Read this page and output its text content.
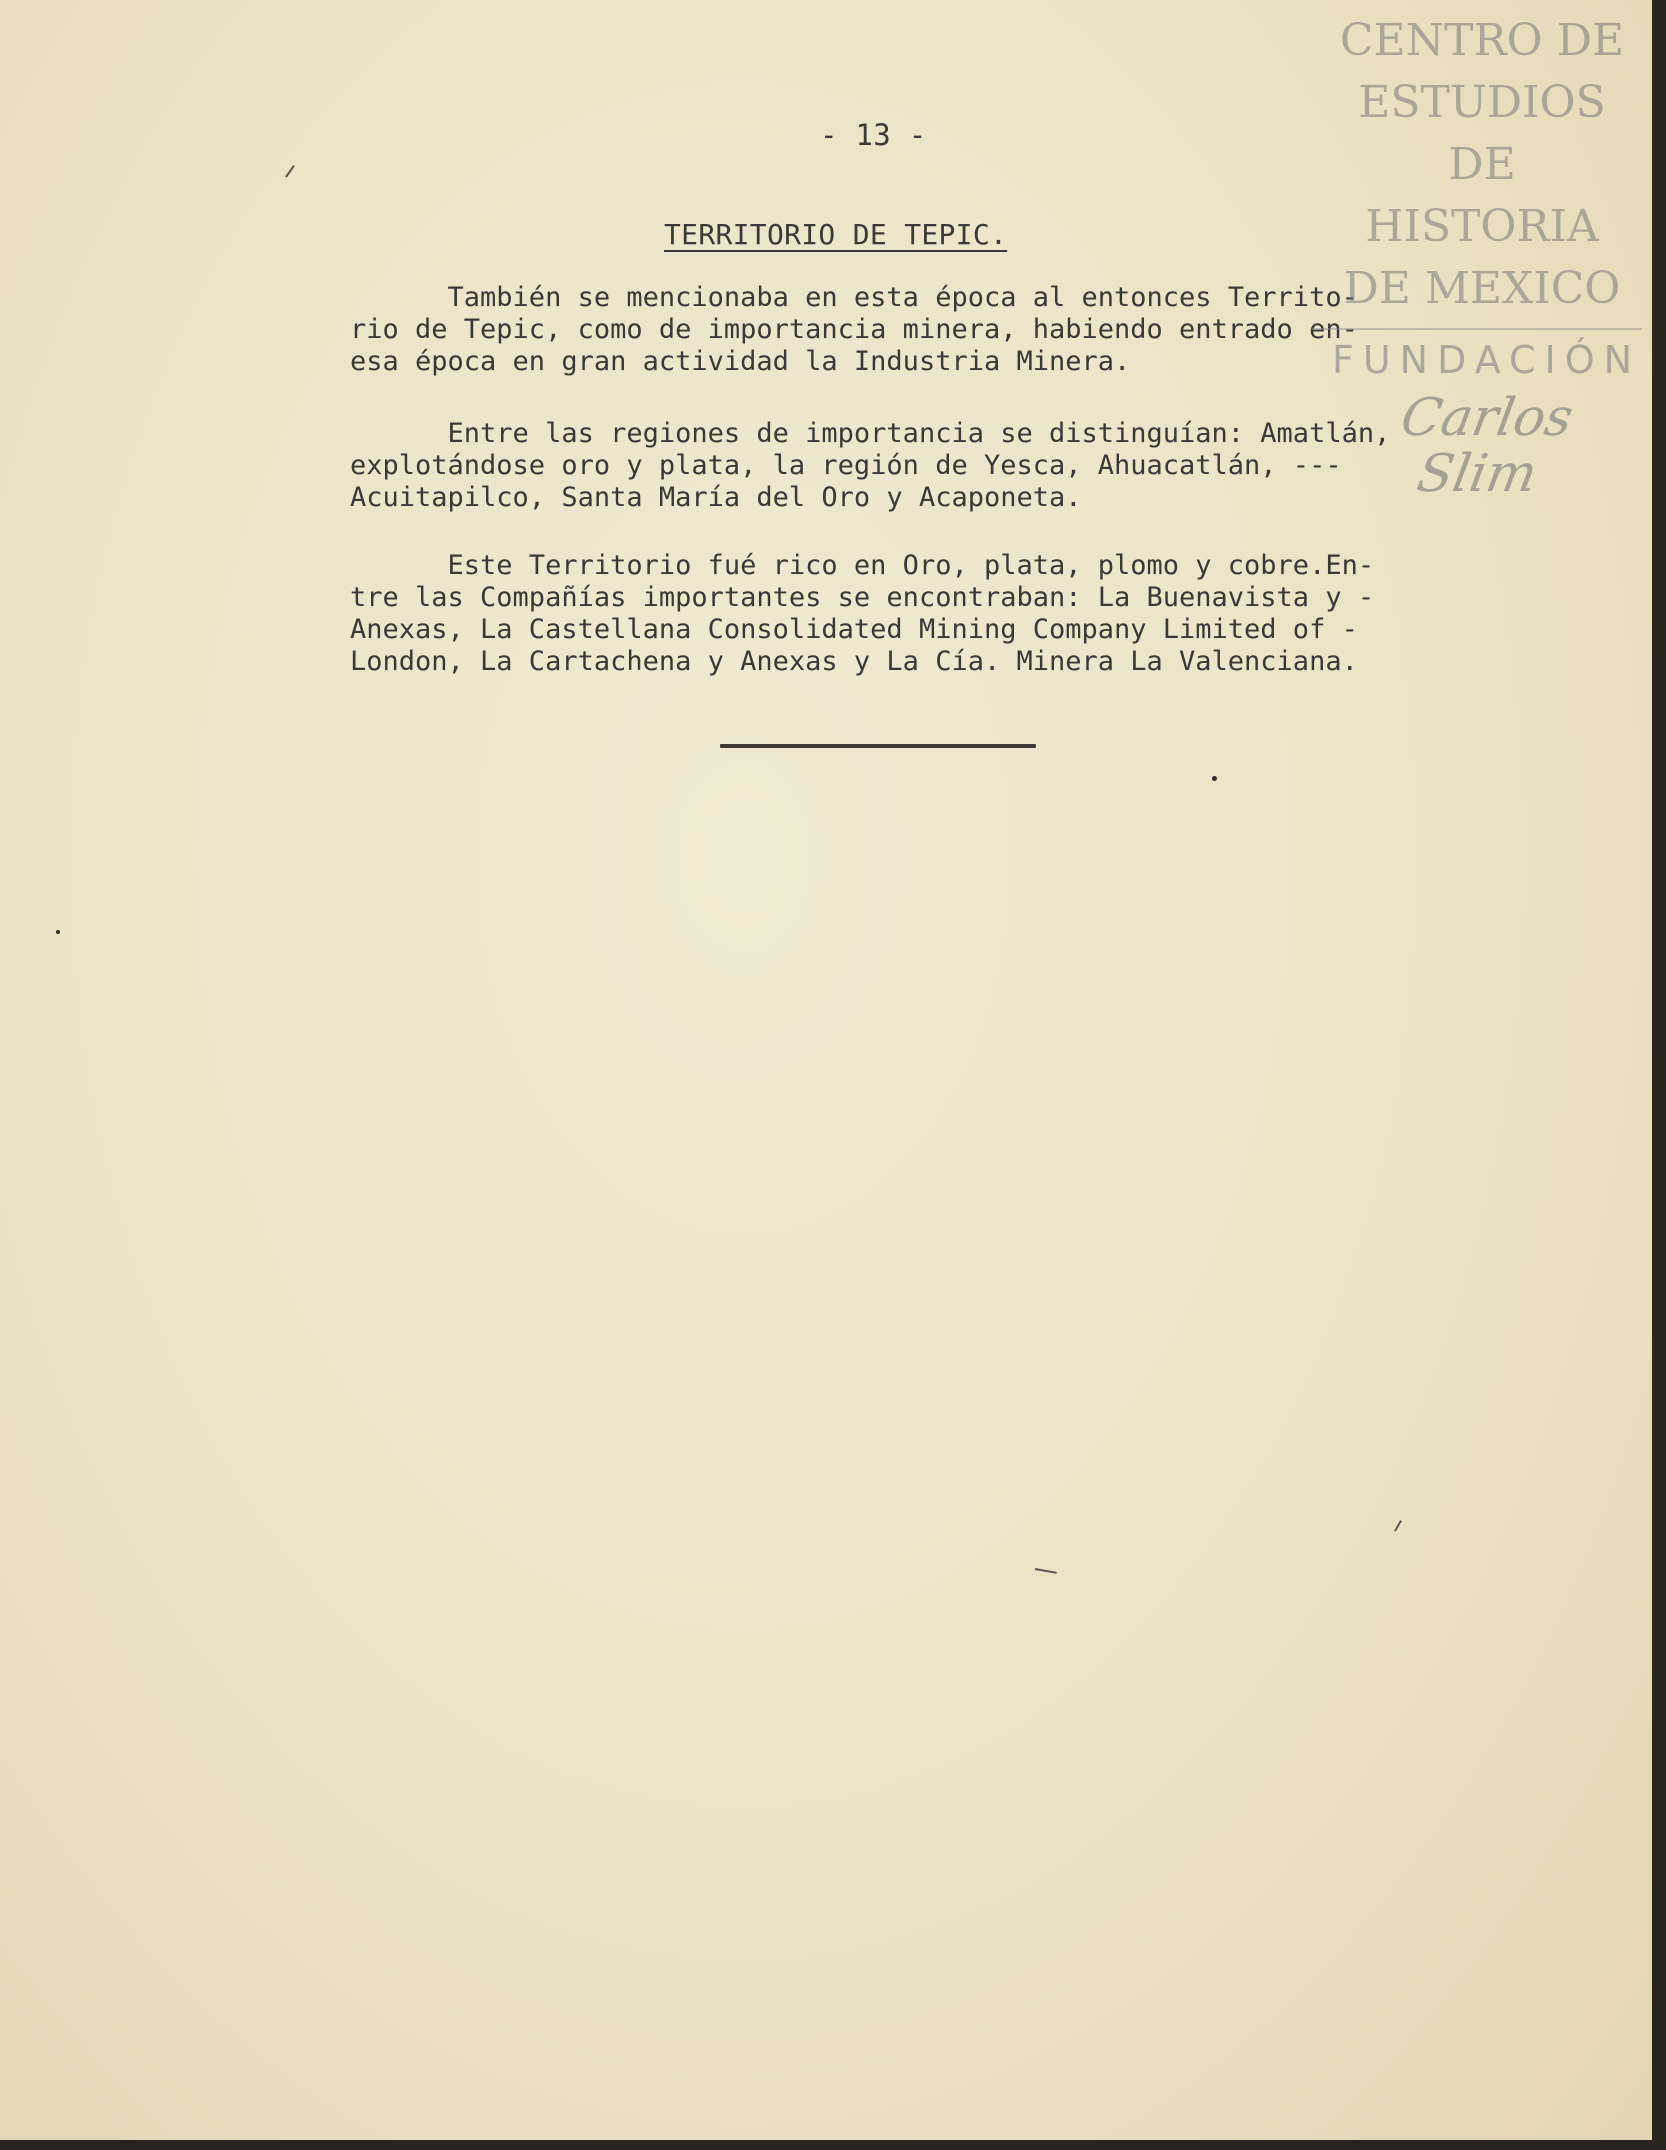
- 13 -
TERRITORIO DE TEPIC.
También se mencionaba en esta época al entonces Territo-
rio de Tepic, como de importancia minera, habiendo entrado en-
esa época en gran actividad la Industria Minera.
Entre las regiones de importancia se distinguían: Amatlán,
explotándose oro y plata, la región de Yesca, Ahuacatlán, ---
Acuitapilco, Santa María del Oro y Acaponeta.
Este Territorio fué rico en Oro, plata, plomo y cobre.En-
tre las Compañías importantes se encontraban: La Buenavista y -
Anexas, La Castellana Consolidated Mining Company Limited of -
London, La Cartachena y Anexas y La Cía. Minera La Valenciana.
CENTRO DE
ESTUDIOS
DE HISTORIA
DE MEXICO
FUNDACIÓN
Carlos Slim
